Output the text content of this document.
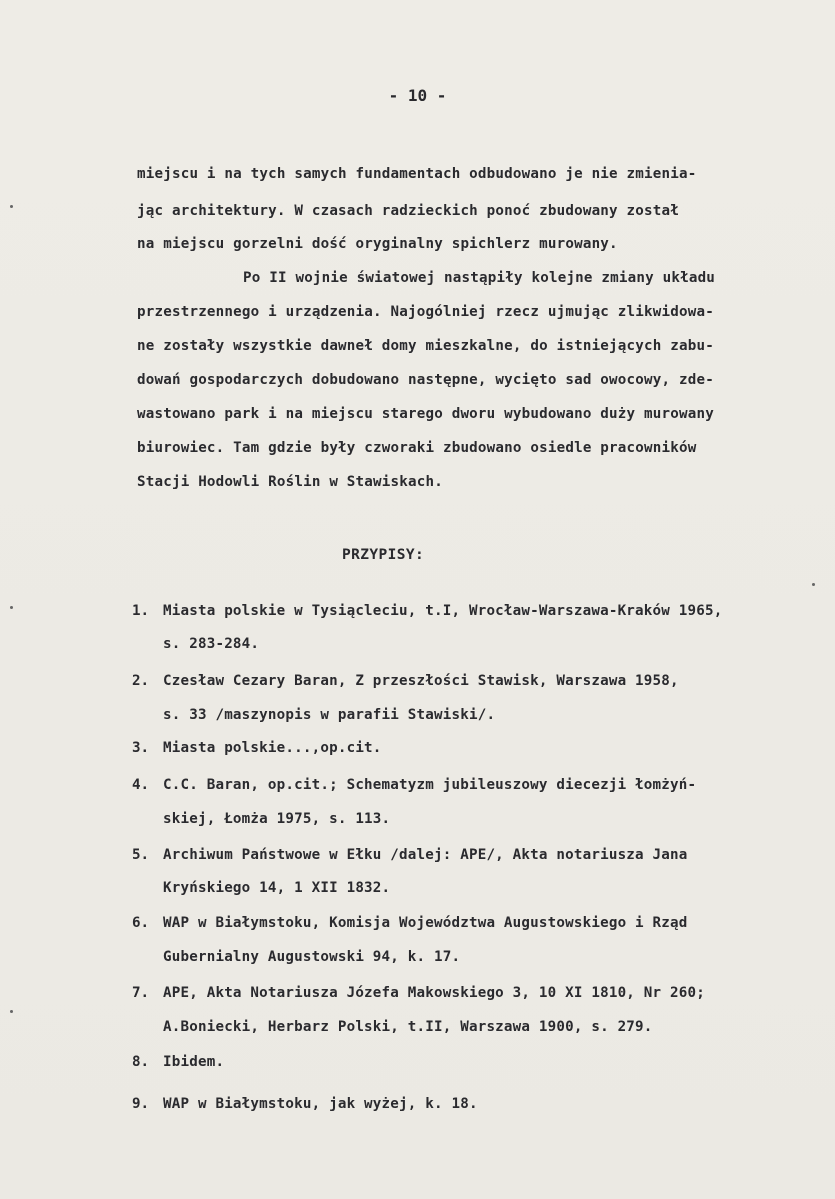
- 10 -
miejscu i na tych samych fundamentach odbudowano je nie zmienia-
jąc architektury. W czasach radzieckich ponoć zbudowany został
na miejscu gorzelni dość oryginalny spichlerz murowany.
Po II wojnie światowej nastąpiły kolejne zmiany układu
przestrzennego i urządzenia. Najogólniej rzecz ujmując zlikwidowa-
ne zostały wszystkie dawneł domy mieszkalne, do istniejących zabu-
dowań gospodarczych dobudowano następne, wycięto sad owocowy, zde-
wastowano park i na miejscu starego dworu wybudowano duży murowany
biurowiec. Tam gdzie były czworaki zbudowano osiedle pracowników
Stacji Hodowli Roślin w Stawiskach.
PRZYPISY:
1. Miasta polskie w Tysiącleciu, t.I, Wrocław-Warszawa-Kraków 1965,
s. 283-284.
2. Czesław Cezary Baran, Z przeszłości Stawisk, Warszawa 1958,
s. 33 /maszynopis w parafii Stawiski/.
3. Miasta polskie...,op.cit.
4. C.C. Baran, op.cit.; Schematyzm jubileuszowy diecezji łomżyń-
skiej, Łomża 1975, s. 113.
5. Archiwum Państwowe w Ełku /dalej: APE/, Akta notariusza Jana
Kryńskiego 14, 1 XII 1832.
6. WAP w Białymstoku, Komisja Województwa Augustowskiego i Rząd
Gubernialny Augustowski 94, k. 17.
7. APE, Akta Notariusza Józefa Makowskiego 3, 10 XI 1810, Nr 260;
A.Boniecki, Herbarz Polski, t.II, Warszawa 1900, s. 279.
8. Ibidem.
9. WAP w Białymstoku, jak wyżej, k. 18.
